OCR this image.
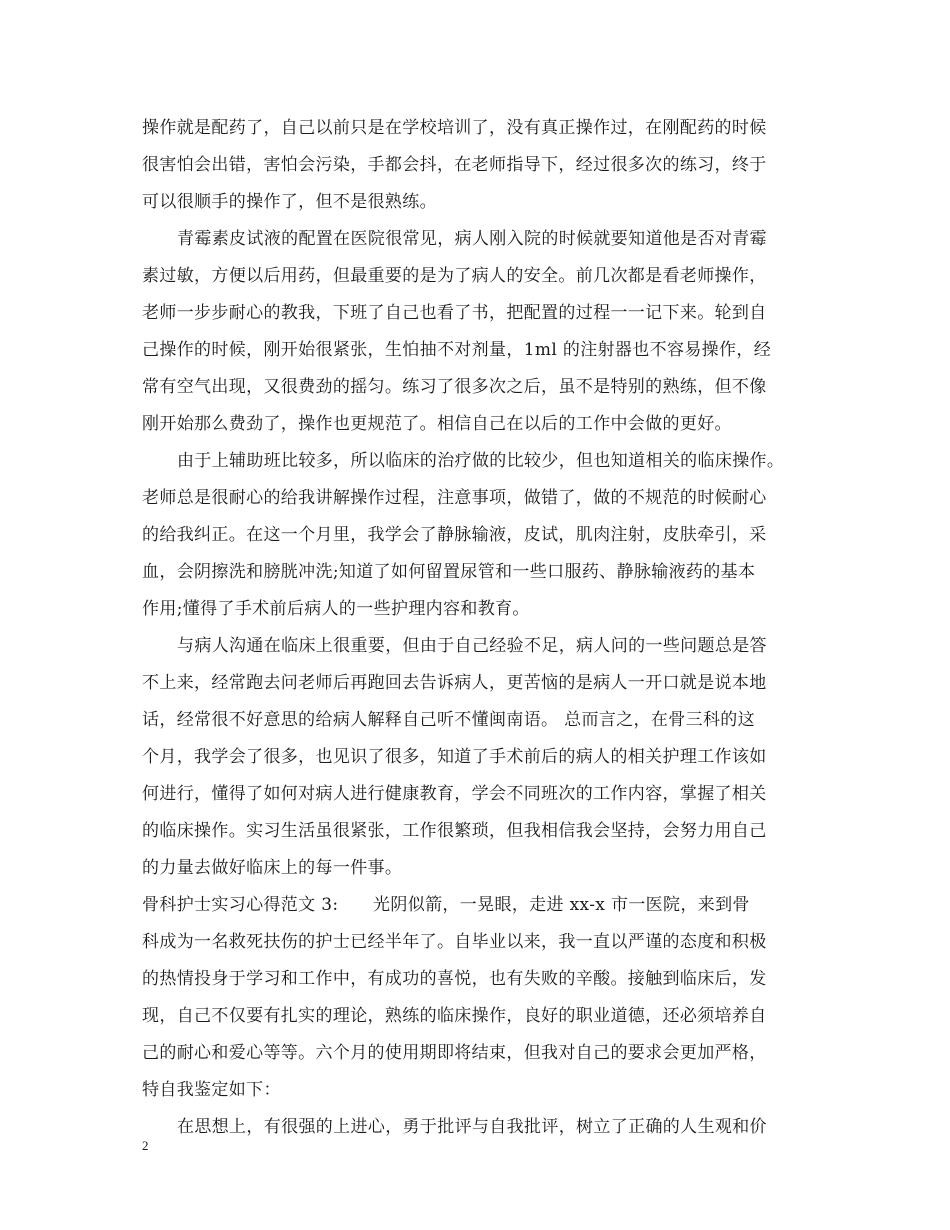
操作就是配药了，自己以前只是在学校培训了，没有真正操作过，在刚配药的时候
很害怕会出错，害怕会污染，手都会抖，在老师指导下，经过很多次的练习，终于
可以很顺手的操作了，但不是很熟练。
青霉素皮试液的配置在医院很常见，病人刚入院的时候就要知道他是否对青霉
素过敏，方便以后用药，但最重要的是为了病人的安全。前几次都是看老师操作，
老师一步步耐心的教我，下班了自己也看了书，把配置的过程一一记下来。轮到自
己操作的时候，刚开始很紧张，生怕抽不对剂量，1ml 的注射器也不容易操作，经
常有空气出现，又很费劲的摇匀。练习了很多次之后，虽不是特别的熟练，但不像
刚开始那么费劲了，操作也更规范了。相信自己在以后的工作中会做的更好。
由于上辅助班比较多，所以临床的治疗做的比较少，但也知道相关的临床操作。
老师总是很耐心的给我讲解操作过程，注意事项，做错了，做的不规范的时候耐心
的给我纠正。在这一个月里，我学会了静脉输液，皮试，肌肉注射，皮肤牵引，采
血，会阴擦洗和膀胱冲洗;知道了如何留置尿管和一些口服药、静脉输液药的基本
作用;懂得了手术前后病人的一些护理内容和教育。
与病人沟通在临床上很重要，但由于自己经验不足，病人问的一些问题总是答
不上来，经常跑去问老师后再跑回去告诉病人，更苦恼的是病人一开口就是说本地
话，经常很不好意思的给病人解释自己听不懂闽南语。 总而言之，在骨三科的这
个月，我学会了很多，也见识了很多，知道了手术前后的病人的相关护理工作该如
何进行，懂得了如何对病人进行健康教育，学会不同班次的工作内容，掌握了相关
的临床操作。实习生活虽很紧张，工作很繁琐，但我相信我会坚持，会努力用自己
的力量去做好临床上的每一件事。
骨科护士实习心得范文 3:      光阴似箭，一晃眼，走进 xx-x 市一医院，来到骨
科成为一名救死扶伤的护士已经半年了。自毕业以来，我一直以严谨的态度和积极
的热情投身于学习和工作中，有成功的喜悦，也有失败的辛酸。接触到临床后，发
现，自己不仅要有扎实的理论，熟练的临床操作，良好的职业道德，还必须培养自
己的耐心和爱心等等。六个月的使用期即将结束，但我对自己的要求会更加严格，
特自我鉴定如下：
在思想上，有很强的上进心，勇于批评与自我批评，树立了正确的人生观和价
2
